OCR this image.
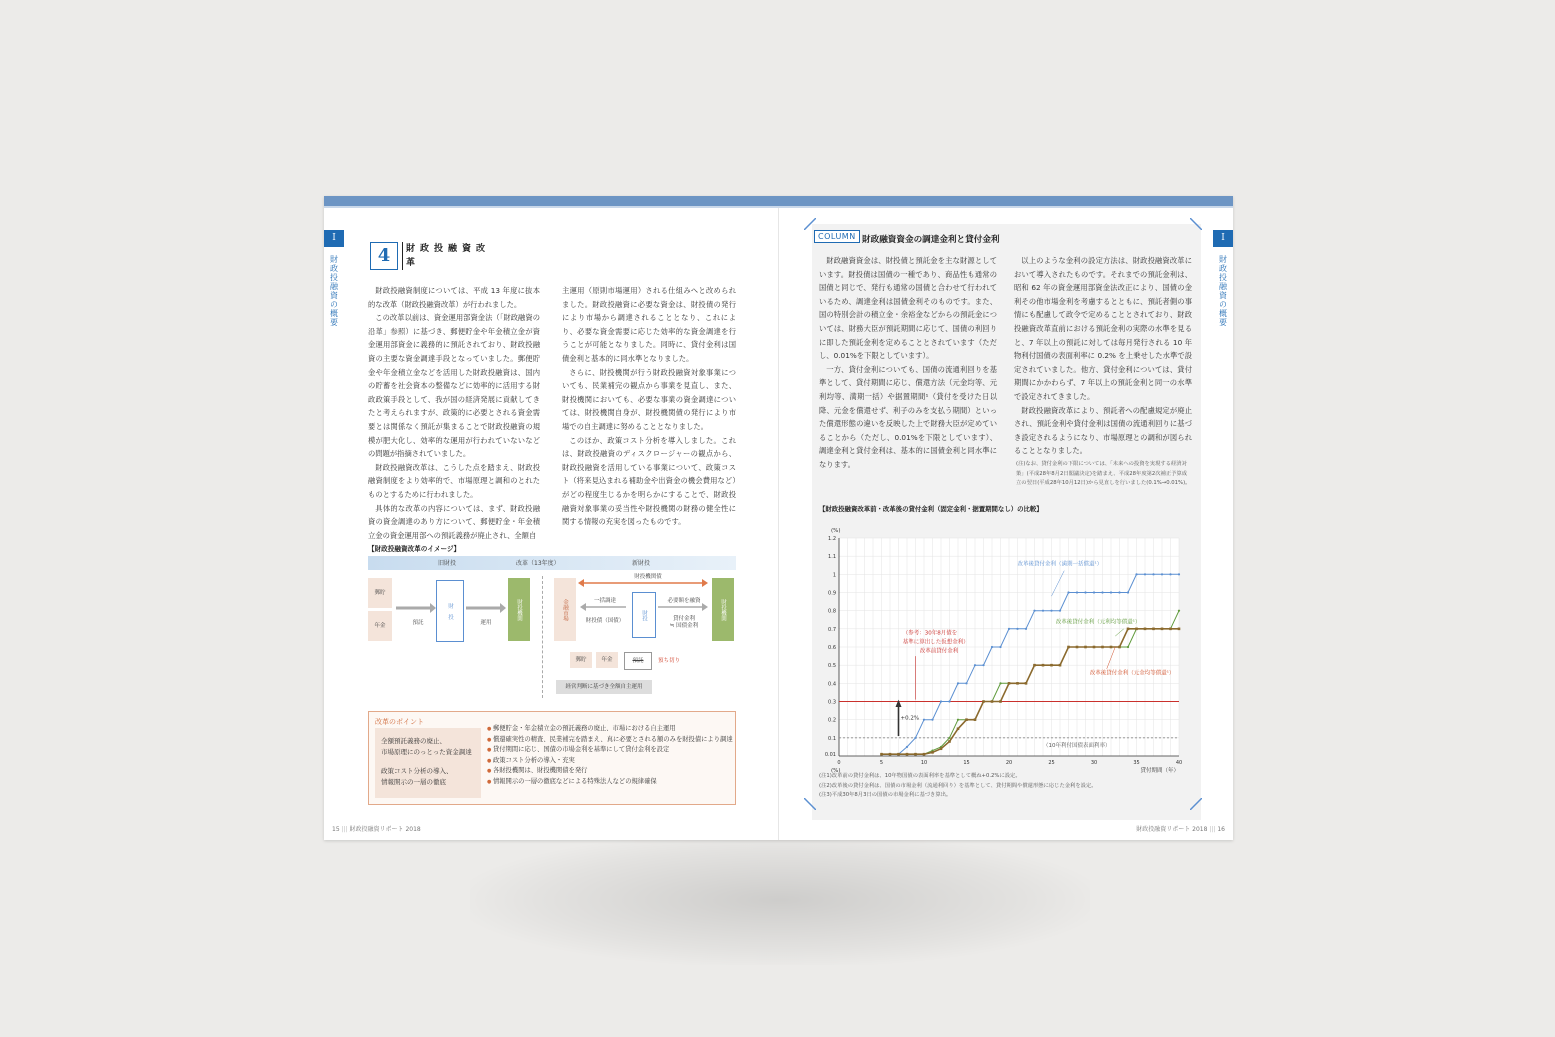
I
財政投融資の概要	4	財政投融資改革
財政投融資制度については、平成 13 年度に抜本的な改革（財政投融資改革）が行われました。
この改革以前は、資金運用部資金法（「財政融資の沿革」参照）に基づき、郵便貯金や年金積立金が資金運用部資金に義務的に預託されており、財政投融資の主要な資金調達手段となっていました。郵便貯金や年金積立金などを活用した財政投融資は、国内の貯蓄を社会資本の整備などに効率的に活用する財政政策手段として、我が国の経済発展に貢献してきたと考えられますが、政策的に必要とされる資金需要とは関係なく預託が集まることで財政投融資の規模が肥大化し、効率的な運用が行われていないなどの問題が指摘されていました。
財政投融資改革は、こうした点を踏まえ、財政投融資制度をより効率的で、市場原理と調和のとれたものとするために行われました。
具体的な改革の内容については、まず、財政投融資の資金調達のあり方について、郵便貯金・年金積立金の資金運用部への預託義務が廃止され、全額自
主運用（原則市場運用）される仕組みへと改められました。財政投融資に必要な資金は、財投債の発行により市場から調達されることとなり、これにより、必要な資金需要に応じた効率的な資金調達を行うことが可能となりました。同時に、貸付金利は国債金利と基本的に同水準となりました。
さらに、財投機関が行う財政投融資対象事業についても、民業補完の観点から事業を見直し、また、財投機関においても、必要な事業の資金調達については、財投機関自身が、財投機関債の発行により市場での自主調達に努めることとなりました。
このほか、政策コスト分析を導入しました。これは、財政投融資のディスクロージャーの観点から、財政投融資を活用している事業について、政策コスト（将来見込まれる補助金や出資金の機会費用など）がどの程度生じるかを明らかにすることで、財政投融資対象事業の妥当性や財投機関の財務の健全性に関する情報の充実を図ったものです。
【財政投融資改革のイメージ】
旧財投	改革（13年度）	新財投
郵貯
年金	預託
財　投
運用
財投機関	金融市場
財投機関債
一括調達
財投債（国債）
財投
必要額を融資
貸付金利
≒ 国債金利
財投機関
郵貯	年金	預託	預ち切り
経営判断に基づき全額自主運用
改革のポイント
全額預託義務の廃止、
市場原理にのっとった資金調達
政策コスト分析の導入、
情報開示の一層の徹底
● 郵便貯金・年金積立金の預託義務の廃止、市場における自主運用
● 償還確実性の精査、民業補完を踏まえ、真に必要とされる額のみを財投債により調達
● 貸付期間に応じ、国債の市場金利を基準にして貸付金利を設定
● 政策コスト分析の導入・充実
● 各財投機関は、財投機関債を発行
● 情報開示の一層の徹底などによる特殊法人などの規律確保
15 ||| 財政投融資リポート 2018
COLUMN 財政融資資金の調達金利と貸付金利
財政融資資金は、財投債と預託金を主な財源としています。財投債は国債の一種であり、商品性も通常の国債と同じで、発行も通常の国債と合わせて行われているため、調達金利は国債金利そのものです。また、国の特別会計の積立金・余裕金などからの預託金については、財務大臣が預託期間に応じて、国債の利回りに即した預託金利を定めることとされています（ただし、0.01%を下限としています）。
一方、貸付金利についても、国債の流通利回りを基準として、貸付期間に応じ、償還方法（元金均等、元利均等、満期一括）や据置期間¹（貸付を受けた日以降、元金を償還せず、利子のみを支払う期間）といった償還形態の違いを反映した上で財務大臣が定めていることから（ただし、0.01%を下限としています）、調達金利と貸付金利は、基本的に国債金利と同水準になります。
以上のような金利の設定方法は、財政投融資改革において導入されたものです。それまでの預託金利は、昭和 62 年の資金運用部資金法改正により、国債の金利その他市場金利を考慮するとともに、預託者側の事情にも配慮して政令で定めることとされており、財政投融資改革直前における預託金利の実際の水準を見ると、7 年以上の預託に対しては毎月発行される 10 年物利付国債の表面利率に 0.2% を上乗せした水準で設定されていました。他方、貸付金利については、貸付期間にかかわらず、7 年以上の預託金利と同一の水準で設定されてきました。
財政投融資改革により、預託者への配慮規定が廃止され、預託金利や貸付金利は国債の流通利回りに基づき設定されるようになり、市場原理との調和が図られることとなりました。
(注)なお、貸付金利の下限については、「未来への投資を実現する経済対策」(平成28年8月2日閣議決定)を踏まえ、平成28年度第2次補正予算成立の翌日(平成28年10月12日)から見直しを行いました(0.1%→0.01%)。
【財政投融資改革前・改革後の貸付金利（固定金利・据置期間なし）の比較】
0.01
0.1
0.2
0.3
0.4
0.5
0.6
0.7
0.8
0.9
1
1.1
1.2
0	5	10	15	20	25	30	35	40
(%)
(%)	貸付期間（年）
+0.2%
改革後貸付金利（満期一括償還¹）
改革後貸付金利（元利均等償還¹）
改革後貸付金利（元金均等償還¹）
（参考：30年8月債を
基準に算出した仮想金利）
改革前貸付金利
（10年利付国債表面利率）
(注1)改革前の貸付金利は、10年物国債の表面利率を基準として概ね+0.2%に設定。
(注2)改革後の貸付金利は、国債の市場金利（流通利回り）を基準として、貸付期間や償還形態に応じた金利を設定。
(注3)平成30年8月3日の国債の市場金利に基づき算出。
I
財政投融資の概要
財政投融資リポート 2018 ||| 16
